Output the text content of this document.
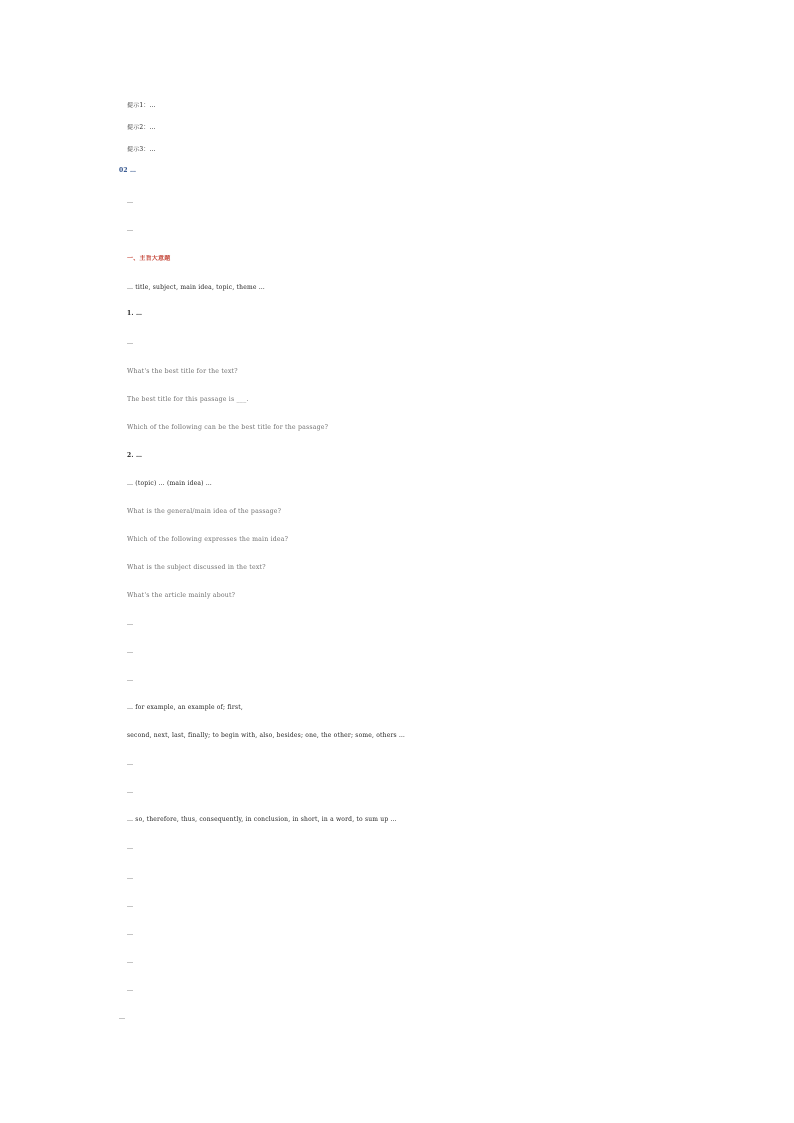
提示1：…
提示2：…
提示3：…
02 …
…
…
一、主旨大意题
… title, subject, main idea, topic, theme …
1. …
…
What's the best title for the text?
The best title for this passage is ___.
Which of the following can be the best title for the passage?
2. …
… (topic) … (main idea) …
What is the general/main idea of the passage?
Which of the following expresses the main idea?
What is the subject discussed in the text?
What's the article mainly about?
…
…
…
… for example, an example of; first,
second, next, last, finally; to begin with, also, besides; one, the other; some, others …
…
…
… so, therefore, thus, consequently, in conclusion, in short, in a word, to sum up …
…
…
…
…
…
…
…
